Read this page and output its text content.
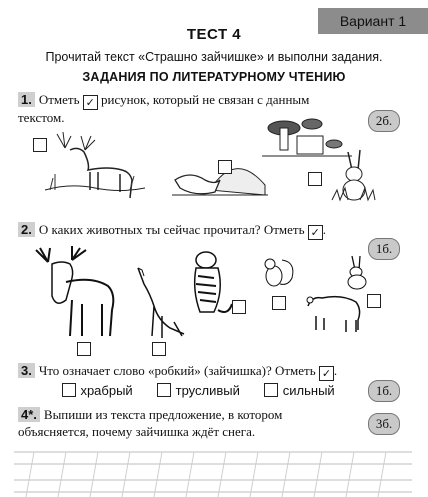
Вариант 1
ТЕСТ 4
Прочитай текст «Страшно зайчишке» и выполни задания.
ЗАДАНИЯ ПО ЛИТЕРАТУРНОМУ ЧТЕНИЮ
1. Отметь ✓ рисунок, который не связан с данным
текстом.	2б.
2. О каких животных ты сейчас прочитал? Отметь ✓ .
1б.
3. Что означает слово «робкий» (зайчишка)? Отметь ✓ .
храбрый	трусливый	сильный	1б.
4*. Выпиши из текста предложение, в котором
объясняется, почему зайчишка ждёт снега.
3б.
